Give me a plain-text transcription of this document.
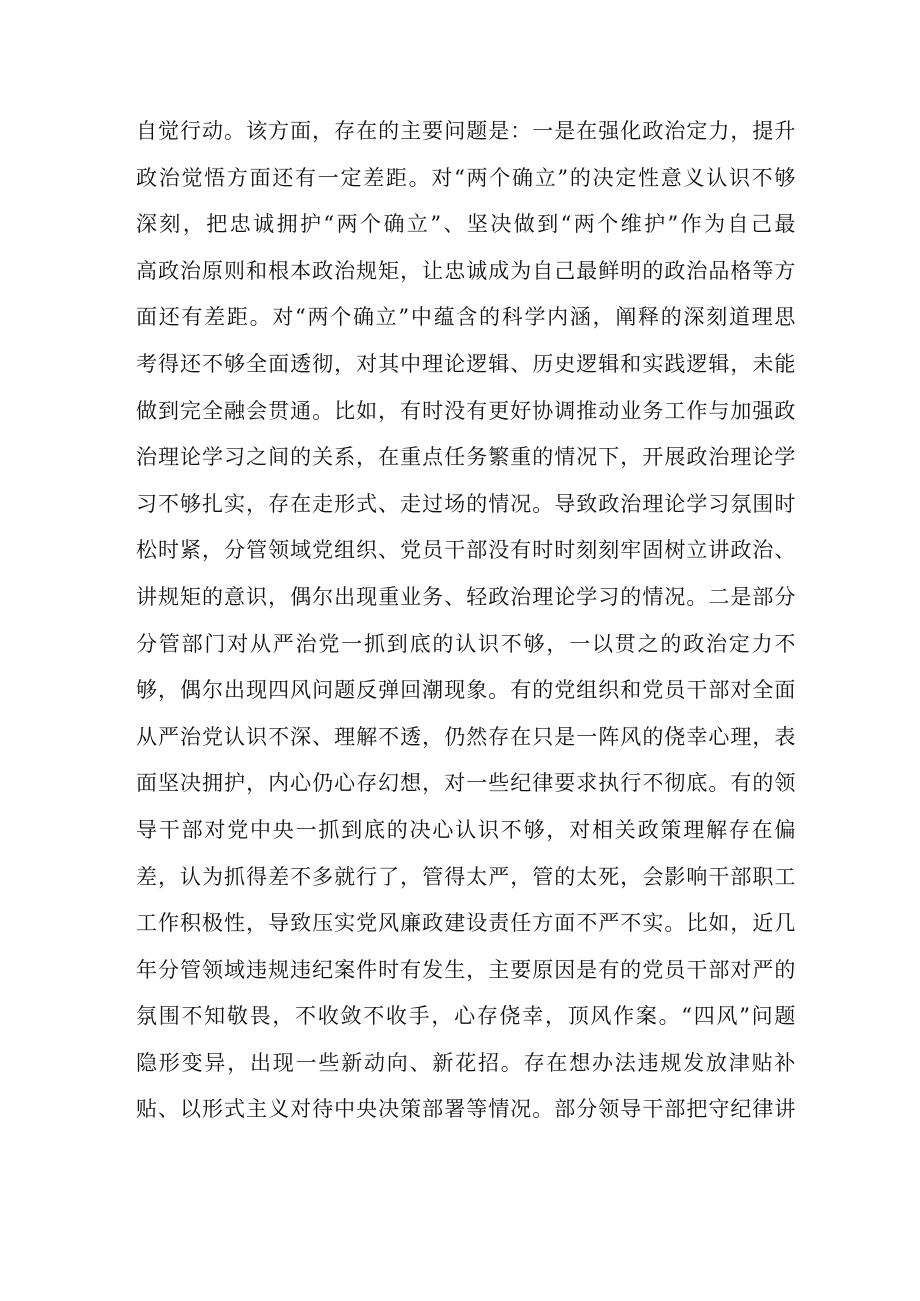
自觉行动。该方面，存在的主要问题是：一是在强化政治定力，提升
政治觉悟方面还有一定差距。对“两个确立”的决定性意义认识不够
深刻，把忠诚拥护“两个确立”、坚决做到“两个维护”作为自己最
高政治原则和根本政治规矩，让忠诚成为自己最鲜明的政治品格等方
面还有差距。对“两个确立”中蕴含的科学内涵，阐释的深刻道理思
考得还不够全面透彻，对其中理论逻辑、历史逻辑和实践逻辑，未能
做到完全融会贯通。比如，有时没有更好协调推动业务工作与加强政
治理论学习之间的关系，在重点任务繁重的情况下，开展政治理论学
习不够扎实，存在走形式、走过场的情况。导致政治理论学习氛围时
松时紧，分管领域党组织、党员干部没有时时刻刻牢固树立讲政治、
讲规矩的意识，偶尔出现重业务、轻政治理论学习的情况。二是部分
分管部门对从严治党一抓到底的认识不够，一以贯之的政治定力不
够，偶尔出现四风问题反弹回潮现象。有的党组织和党员干部对全面
从严治党认识不深、理解不透，仍然存在只是一阵风的侥幸心理，表
面坚决拥护，内心仍心存幻想，对一些纪律要求执行不彻底。有的领
导干部对党中央一抓到底的决心认识不够，对相关政策理解存在偏
差，认为抓得差不多就行了，管得太严，管的太死，会影响干部职工
工作积极性，导致压实党风廉政建设责任方面不严不实。比如，近几
年分管领域违规违纪案件时有发生，主要原因是有的党员干部对严的
氛围不知敬畏，不收敛不收手，心存侥幸，顶风作案。“四风”问题
隐形变异，出现一些新动向、新花招。存在想办法违规发放津贴补
贴、以形式主义对待中央决策部署等情况。部分领导干部把守纪律讲
